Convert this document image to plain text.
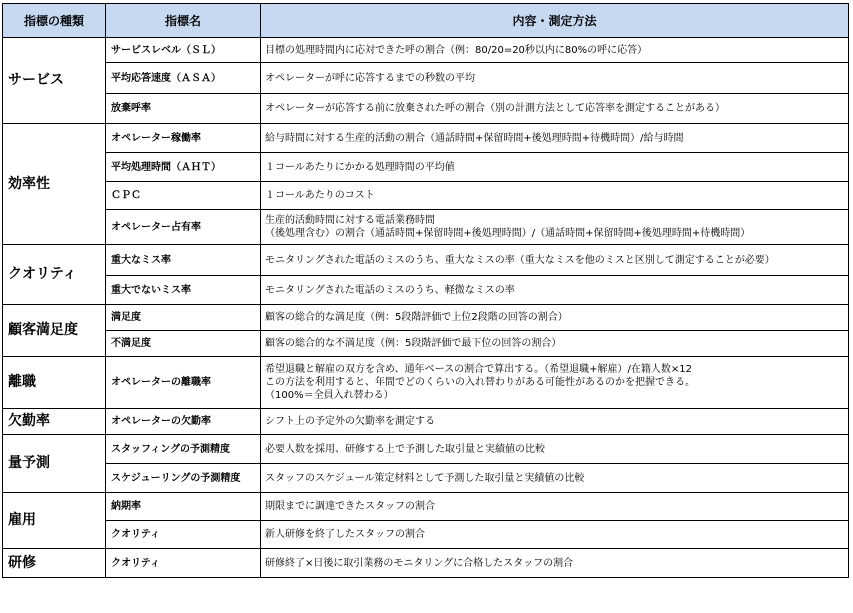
指標の種類	指標名	内容・測定方法
サービス	サービスレベル（ＳＬ）	目標の処理時間内に応対できた呼の割合（例：80/20=20秒以内に80%の呼に応答）
	平均応答速度（ＡＳＡ）	オペレーターが呼に応答するまでの秒数の平均
	放棄呼率	オペレーターが応答する前に放棄された呼の割合（別の計測方法として応答率を測定することがある）
効率性	オペレーター稼働率	給与時間に対する生産的活動の割合（通話時間+保留時間+後処理時間+待機時間）/給与時間
	平均処理時間（ＡＨＴ）	１コールあたりにかかる処理時間の平均値
	ＣＰＣ	１コールあたりのコスト
	オペレーター占有率	生産的活動時間に対する電話業務時間
（後処理含む）の割合（通話時間+保留時間+後処理時間）/（通話時間+保留時間+後処理時間+待機時間）

クオリティ	重大なミス率	モニタリングされた電話のミスのうち、重大なミスの率（重大なミスを他のミスと区別して測定することが必要）
	重大でないミス率	モニタリングされた電話のミスのうち、軽微なミスの率
顧客満足度	満足度	顧客の総合的な満足度（例：5段階評価で上位2段階の回答の割合）
	不満足度	顧客の総合的な不満足度（例：5段階評価で最下位の回答の割合）
離職	オペレーターの離職率	希望退職と解雇の双方を含め、通年ベースの割合で算出する。（希望退職+解雇）/在籍人数×12
この方法を利用すると、年間でどのくらいの入れ替わりがある可能性があるのかを把握できる。
（100%＝全員入れ替わる）

欠勤率	オペレーターの欠勤率	シフト上の予定外の欠勤率を測定する
量予測	スタッフィングの予測精度	必要人数を採用、研修する上で予測した取引量と実績値の比較
	スケジューリングの予測精度	スタッフのスケジュール策定材料として予測した取引量と実績値の比較
雇用	納期率	期限までに調達できたスタッフの割合
	クオリティ	新人研修を終了したスタッフの割合
研修	クオリティ	研修終了×日後に取引業務のモニタリングに合格したスタッフの割合
